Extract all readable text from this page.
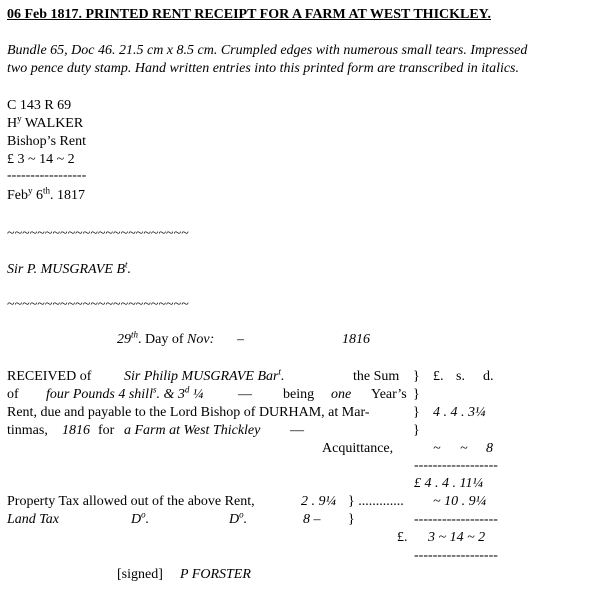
06 Feb 1817. PRINTED RENT RECEIPT FOR A FARM AT WEST THICKLEY.
Bundle 65, Doc 46. 21.5 cm x 8.5 cm. Crumpled edges with numerous small tears. Impressed
two pence duty stamp. Hand written entries into this printed form are transcribed in italics.
C 143 R 69
$H^y$ WALKER
Bishop’s Rent
£ 3 ~ 14 ~ 2
-----------------
Feb$^y$ 6th. 1817
~~~~~~~~~~~~~~~~~~~~~~~~
Sir P. MUSGRAVE $B^t$.
~~~~~~~~~~~~~~~~~~~~~~~~
29th. Day of Nov: –	1816
RECEIVED of Sir Philip MUSGRAVE Bar$^t$.	the Sum } £. s. d.
of four Pounds 4 shill$^s$. & 3$^d$ ¼ –– being one Year’s }
Rent, due and payable to the Lord Bishop of DURHAM, at Mar-	} 4 . 4 . 3¼
tinmas, 1816 for a Farm at West Thickley ––	}
Acquittance,	~ ~ 8
------------------
£ 4 . 4 . 11¼
Property Tax allowed out of the above Rent,	2 . 9¼ } ............. ~ 10 . 9¼
Land Tax	$D^o$.	$D^o$.	8 – }	------------------
£. 3 ~ 14 ~ 2
------------------
[signed] P FORSTER
